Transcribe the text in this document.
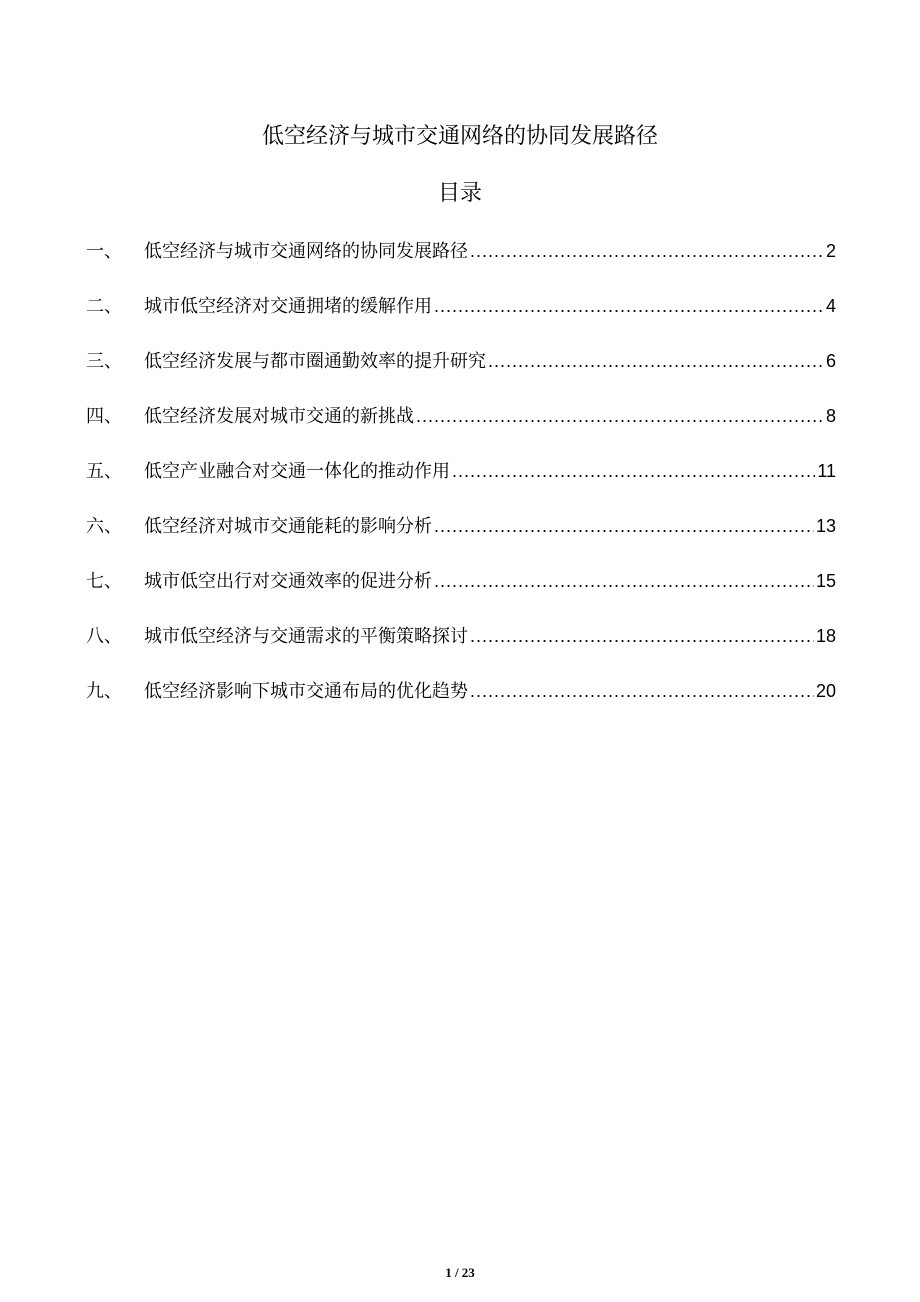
低空经济与城市交通网络的协同发展路径
目录
一、	低空经济与城市交通网络的协同发展路径 .....	2
二、	城市低空经济对交通拥堵的缓解作用 .....	4
三、	低空经济发展与都市圈通勤效率的提升研究 .....	6
四、	低空经济发展对城市交通的新挑战 .....	8
五、	低空产业融合对交通一体化的推动作用 .....	11
六、	低空经济对城市交通能耗的影响分析 .....	13
七、	城市低空出行对交通效率的促进分析 .....	15
八、	城市低空经济与交通需求的平衡策略探讨 .....	18
九、	低空经济影响下城市交通布局的优化趋势 .....	20
1 / 23
